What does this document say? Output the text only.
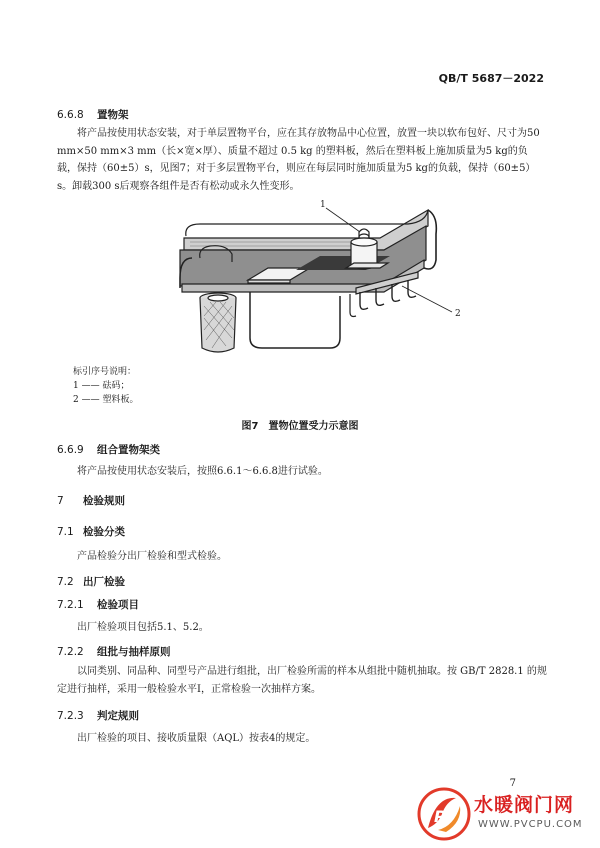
QB/T 5687－2022
6.6.8 置物架
将产品按使用状态安装，对于单层置物平台，应在其存放物品中心位置，放置一块以软布包好、尺寸为50 mm×50 mm×3 mm（长×宽×厚）、质量不超过 0.5 kg 的塑料板，然后在塑料板上施加质量为5 kg的负载，保持（60±5）s，见图7；对于多层置物平台，则应在每层同时施加质量为5 kg的负载，保持（60±5）s。卸载300 s后观察各组件是否有松动或永久性变形。
1
2
标引序号说明：
1 —— 砝码；
2 —— 塑料板。
图7　置物位置受力示意图
6.6.9 组合置物架类
将产品按使用状态安装后，按照6.6.1～6.6.8进行试验。
7 检验规则
7.1 检验分类
产品检验分出厂检验和型式检验。
7.2 出厂检验
7.2.1 检验项目
出厂检验项目包括5.1、5.2。
7.2.2 组批与抽样原则
以同类别、同品种、同型号产品进行组批，出厂检验所需的样本从组批中随机抽取。按 GB/T 2828.1 的规定进行抽样，采用一般检验水平Ⅰ，正常检验一次抽样方案。
7.2.3 判定规则
出厂检验的项目、接收质量限（AQL）按表4的规定。
7
P
水暖阀门网
WWW.PVCPU.COM
